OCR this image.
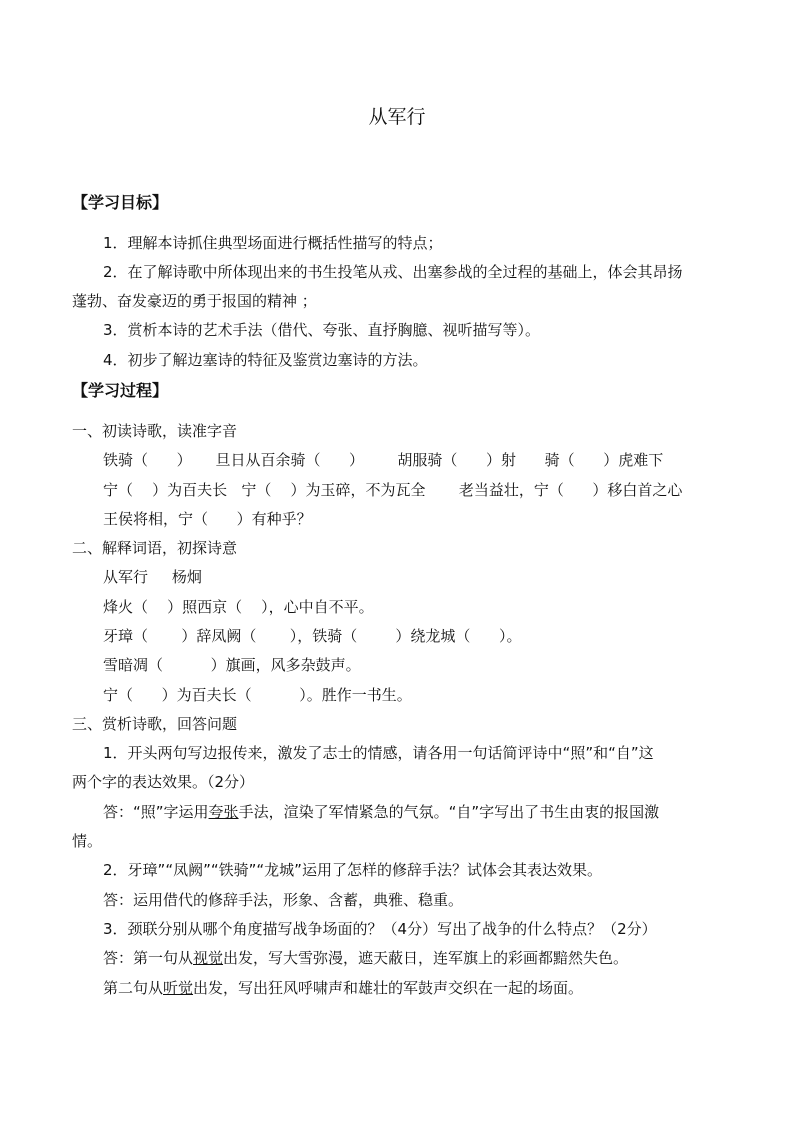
从军行
【学习目标】
1．理解本诗抓住典型场面进行概括性描写的特点；
2．在了解诗歌中所体现出来的书生投笔从戎、出塞参战的全过程的基础上，体会其昂扬
蓬勃、奋发豪迈的勇于报国的精神 ；
3．赏析本诗的艺术手法（借代、夸张、直抒胸臆、视听描写等）。
4．初步了解边塞诗的特征及鉴赏边塞诗的方法。
【学习过程】
一、初读诗歌，读准字音
铁骑（      ）     旦日从百余骑（      ）       胡服骑（      ）射      骑（      ）虎难下
宁（    ）为百夫长   宁（    ）为玉碎，不为瓦全       老当益壮，宁（      ）移白首之心
王侯将相，宁（      ）有种乎？
二、解释词语，初探诗意
从军行     杨炯
烽火（    ）照西京（    ），心中自不平。
牙璋（       ）辞凤阙（       ），铁骑（        ）绕龙城（      ）。
雪暗凋（          ）旗画，风多杂鼓声。
宁（      ）为百夫长（          ）。胜作一书生。
三、赏析诗歌，回答问题
1．开头两句写边报传来，激发了志士的情感，请各用一句话简评诗中“照”和“自”这
两个字的表达效果。（2分）
答：“照”字运用夸张手法，渲染了军情紧急的气氛。“自”字写出了书生由衷的报国激
情。
2．牙璋”“凤阙”“铁骑”“龙城”运用了怎样的修辞手法？试体会其表达效果。
答：运用借代的修辞手法，形象、含蓄，典雅、稳重。
3．颈联分别从哪个角度描写战争场面的？（4分）写出了战争的什么特点？（2分）
答：第一句从视觉出发，写大雪弥漫，遮天蔽日，连军旗上的彩画都黯然失色。
第二句从听觉出发，写出狂风呼啸声和雄壮的军鼓声交织在一起的场面。
